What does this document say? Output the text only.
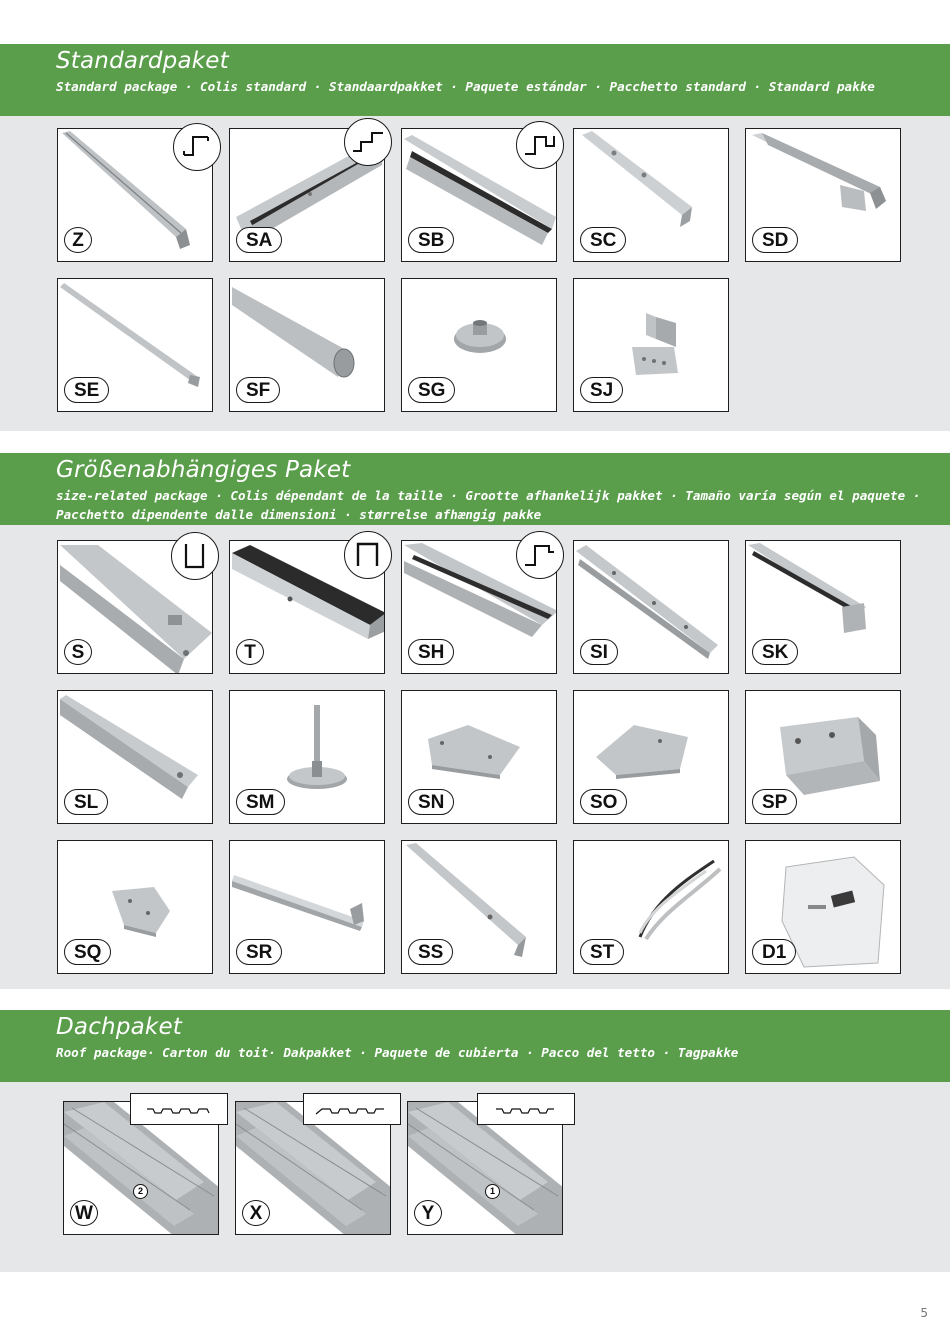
Standardpaket
Standard package · Colis standard · Standaardpakket · Paquete estándar · Pacchetto standard · Standard pakke
Z	SA	SB	SC	SD
SE	SF	SG	SJ
Größenabhängiges Paket
size-related package · Colis dépendant de la taille · Grootte afhankelijk pakket · Tamaño varía según el paquete · Pacchetto dipendente dalle dimensioni · størrelse afhængig pakke
S	T	SH	SI	SK
SL	SM	SN	SO	SP
SQ	SR	SS	ST	D1
Dachpaket
Roof package· Carton du toit· Dakpakket · Paquete de cubierta · Pacco del tetto · Tagpakke
W
2
X	Y
1
5
